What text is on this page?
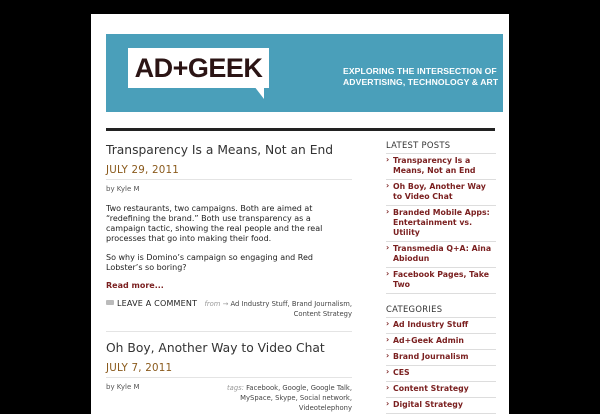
AD+GEEK	EXPLORING THE INTERSECTION OF ADVERTISING, TECHNOLOGY & ART
Transparency Is a Means, Not an End
JULY 29, 2011
by Kyle M

Two restaurants, two campaigns. Both are aimed at “redefining the brand.” Both use transparency as a campaign tactic, showing the real people and the real processes that go into making their food.

So why is Domino’s campaign so engaging and Red Lobster’s so boring?

Read more...
LEAVE A COMMENT	from → Ad Industry Stuff, Brand Journalism, Content Strategy
Oh Boy, Another Way to Video Chat
JULY 7, 2011
by Kyle M	tags: Facebook, Google, Google Talk, MySpace, Skype, Social network, Videotelephony
LATEST POSTS
› Transparency Is a Means, Not an End
› Oh Boy, Another Way to Video Chat
› Branded Mobile Apps: Entertainment vs. Utility
› Transmedia Q+A: Aina Abiodun
› Facebook Pages, Take Two
CATEGORIES
› Ad Industry Stuff
› Ad+Geek Admin
› Brand Journalism
› CES
› Content Strategy
› Digital Strategy
